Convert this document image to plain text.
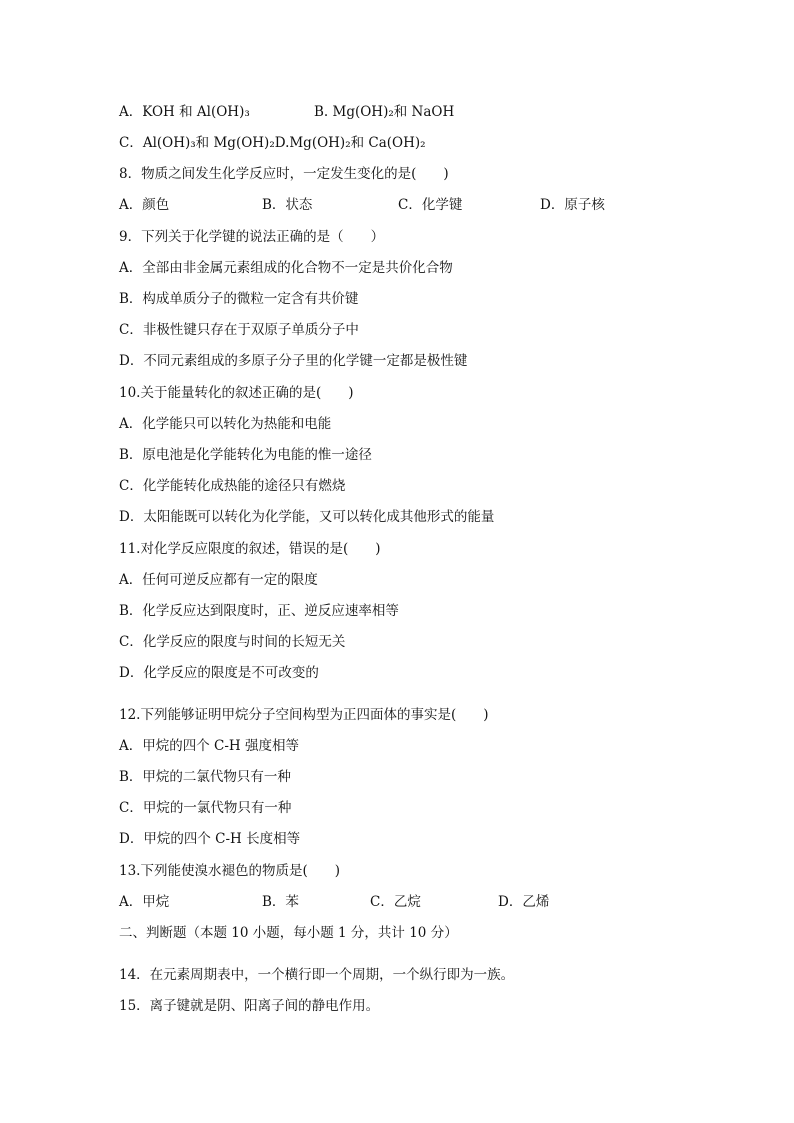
A．KOH 和 Al(OH)₃	B. Mg(OH)₂和 NaOH
C．Al(OH)₃和 Mg(OH)₂D.Mg(OH)₂和 Ca(OH)₂
8．物质之间发生化学反应时，一定发生变化的是(　　)
A．颜色	B．状态	C．化学键	D．原子核
9．下列关于化学键的说法正确的是（　　）
A．全部由非金属元素组成的化合物不一定是共价化合物
B．构成单质分子的微粒一定含有共价键
C．非极性键只存在于双原子单质分子中
D．不同元素组成的多原子分子里的化学键一定都是极性键
10.关于能量转化的叙述正确的是(　　)
A．化学能只可以转化为热能和电能
B．原电池是化学能转化为电能的惟一途径
C．化学能转化成热能的途径只有燃烧
D．太阳能既可以转化为化学能，又可以转化成其他形式的能量
11.对化学反应限度的叙述，错误的是(　　)
A．任何可逆反应都有一定的限度
B．化学反应达到限度时，正、逆反应速率相等
C．化学反应的限度与时间的长短无关
D．化学反应的限度是不可改变的
12.下列能够证明甲烷分子空间构型为正四面体的事实是(　　)
A．甲烷的四个 C-H 强度相等
B．甲烷的二氯代物只有一种
C．甲烷的一氯代物只有一种
D．甲烷的四个 C-H 长度相等
13.下列能使溴水褪色的物质是(　　)
A．甲烷	B．苯	C．乙烷	D．乙烯
二、判断题（本题 10 小题，每小题 1 分，共计 10 分）
14．在元素周期表中，一个横行即一个周期，一个纵行即为一族。
15．离子键就是阴、阳离子间的静电作用。
